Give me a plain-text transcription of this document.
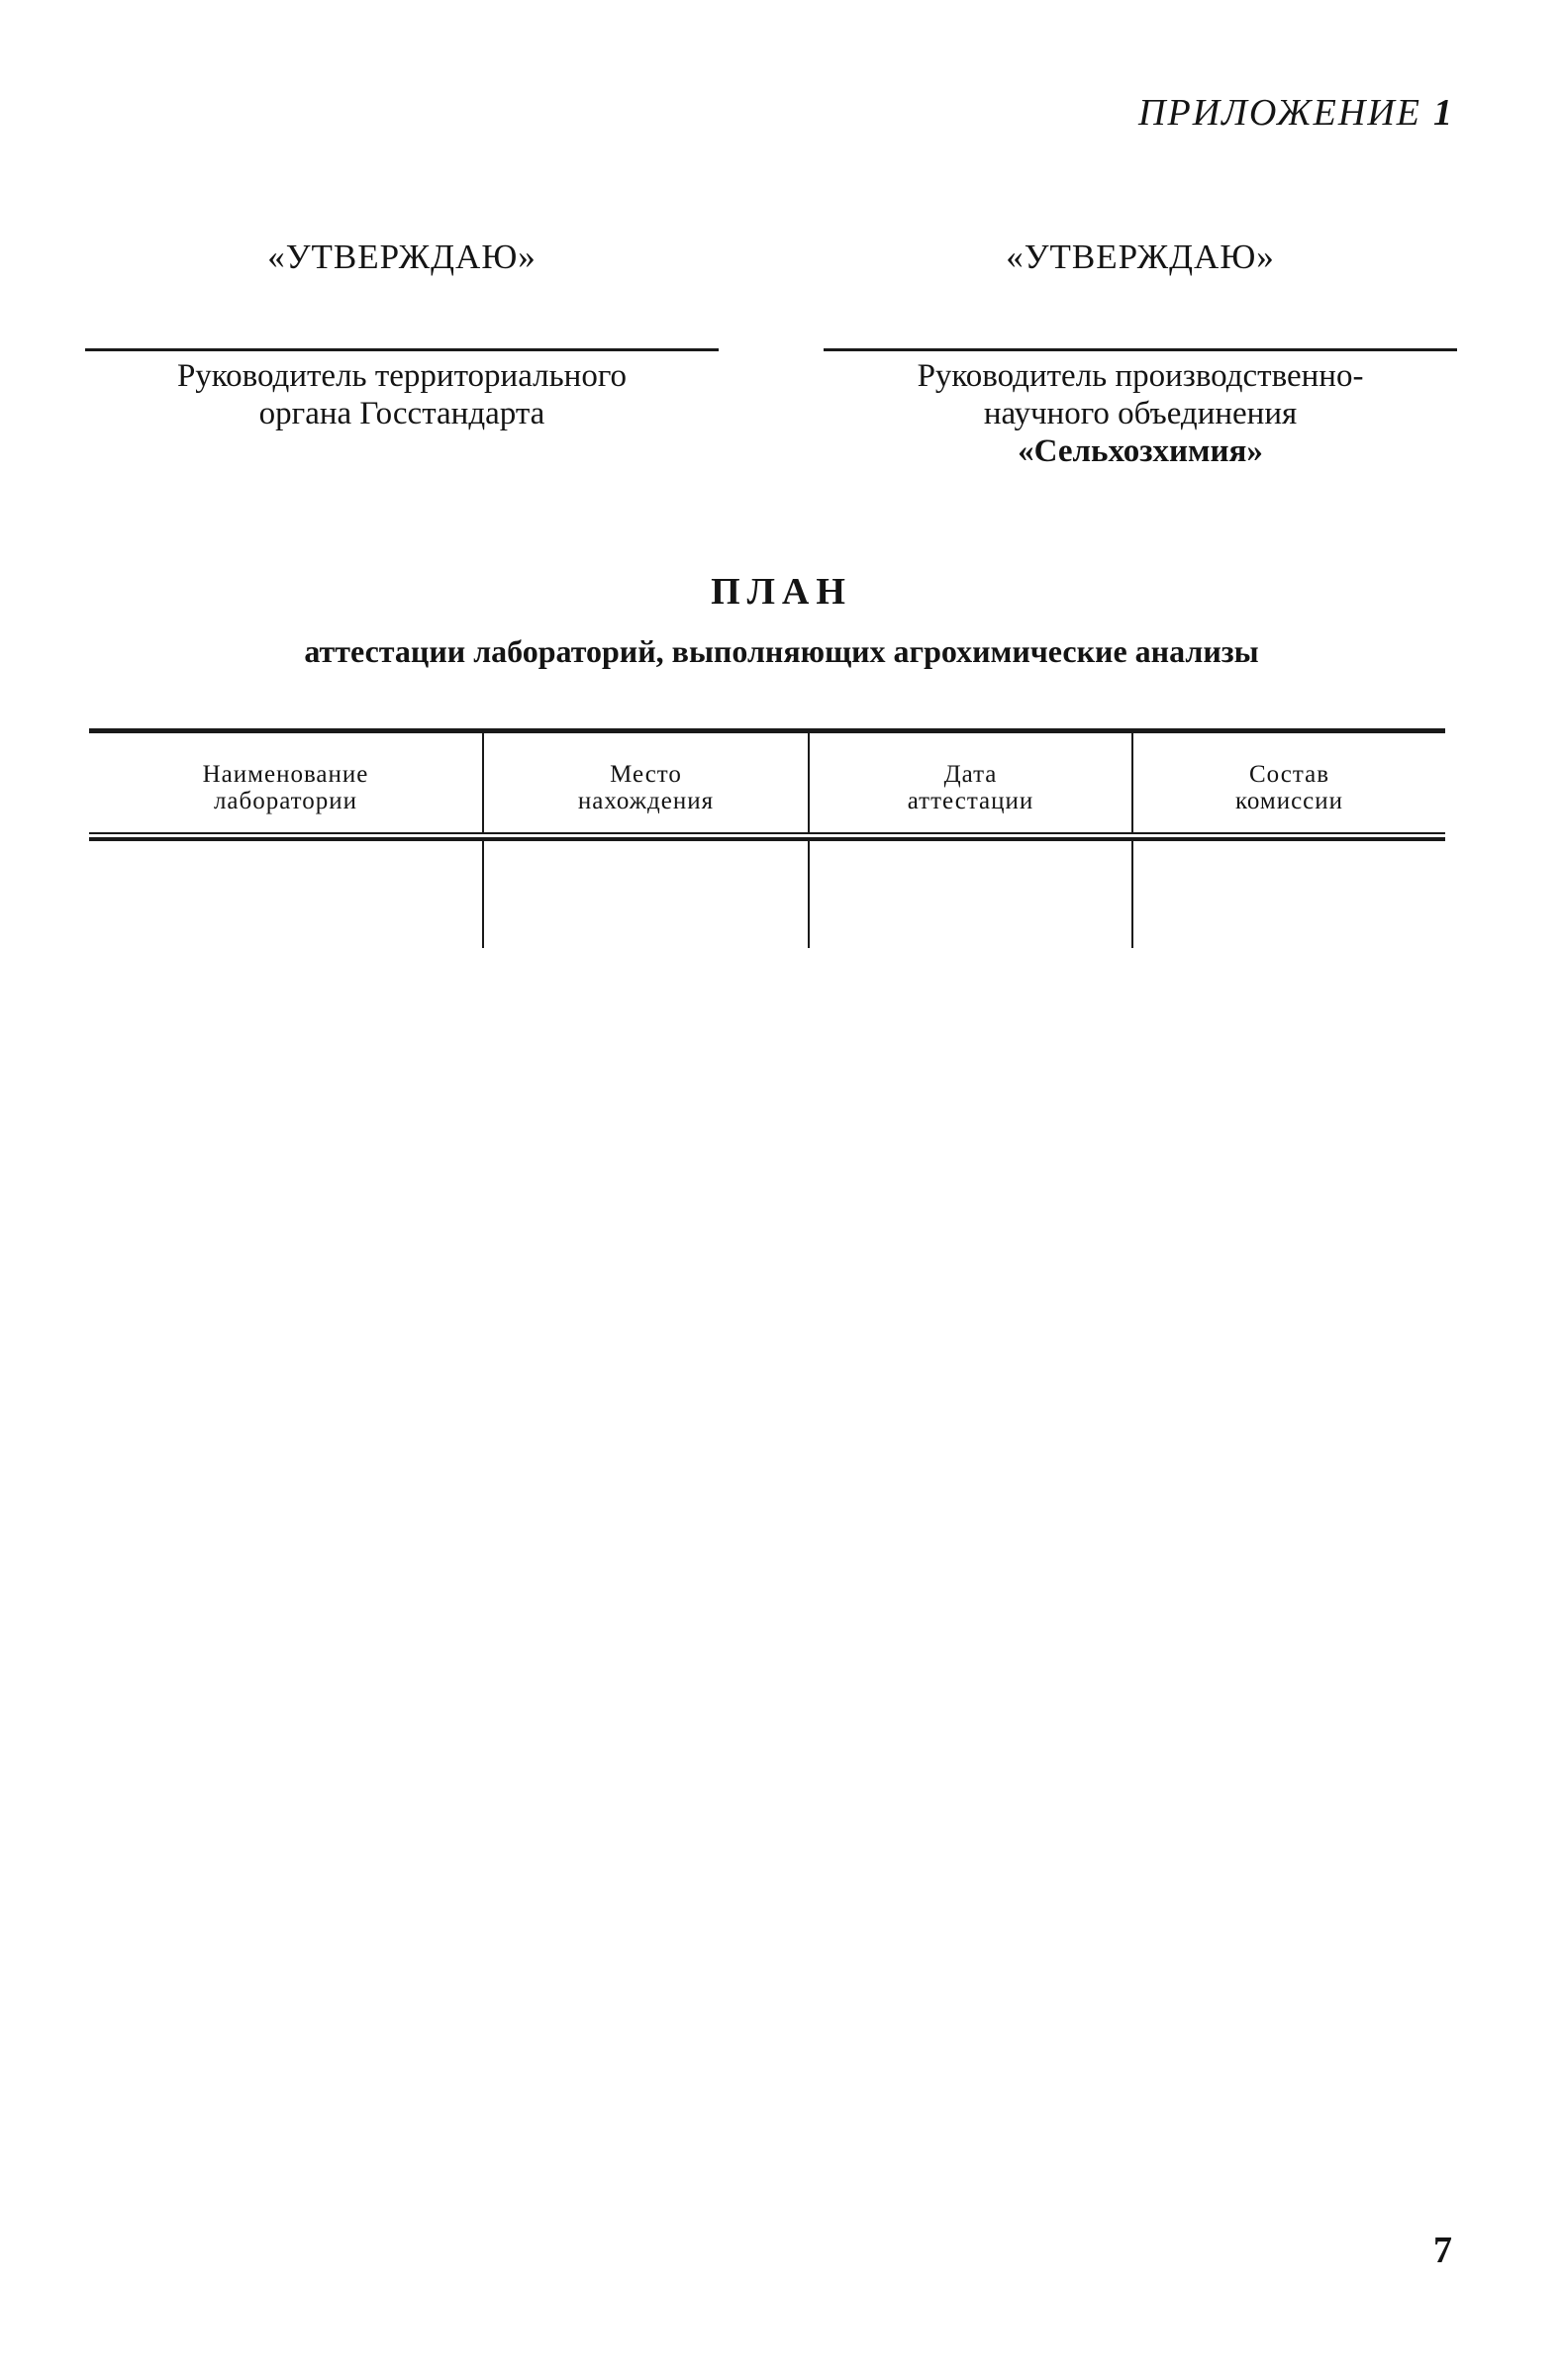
ПРИЛОЖЕНИЕ 1
«УТВЕРЖДАЮ»
Руководитель территориального
органа Госстандарта
«УТВЕРЖДАЮ»
Руководитель производственно-
научного объединения
«Сельхозхимия»
ПЛАН
аттестации лабораторий, выполняющих агрохимические анализы
Наименование
лаборатории
Место
нахождения
Дата
аттестации
Состав
комиссии
7
